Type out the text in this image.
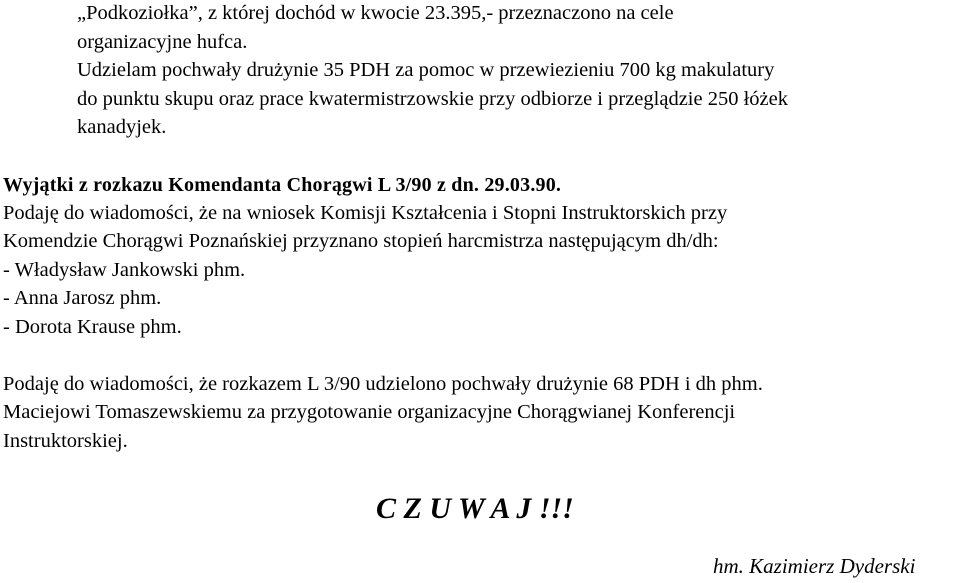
„Podkoziołka”, z której dochód w kwocie 23.395,- przeznaczono na cele
organizacyjne hufca.
Udzielam pochwały drużynie 35 PDH za pomoc w przewiezieniu 700 kg makulatury
do punktu skupu oraz prace kwatermistrzowskie przy odbiorze i przeglądzie 250 łóżek
kanadyjek.
Wyjątki z rozkazu Komendanta Chorągwi L 3/90 z dn. 29.03.90.
Podaję do wiadomości, że na wniosek Komisji Kształcenia i Stopni Instruktorskich przy
Komendzie Chorągwi Poznańskiej przyznano stopień harcmistrza następującym dh/dh:
- Władysław Jankowski phm.
- Anna Jarosz phm.
- Dorota Krause phm.
Podaję do wiadomości, że rozkazem L 3/90 udzielono pochwały drużynie 68 PDH i dh phm.
Maciejowi Tomaszewskiemu za przygotowanie organizacyjne Chorągwianej Konferencji
Instruktorskiej.
C Z U W A J !!!
hm. Kazimierz Dyderski
